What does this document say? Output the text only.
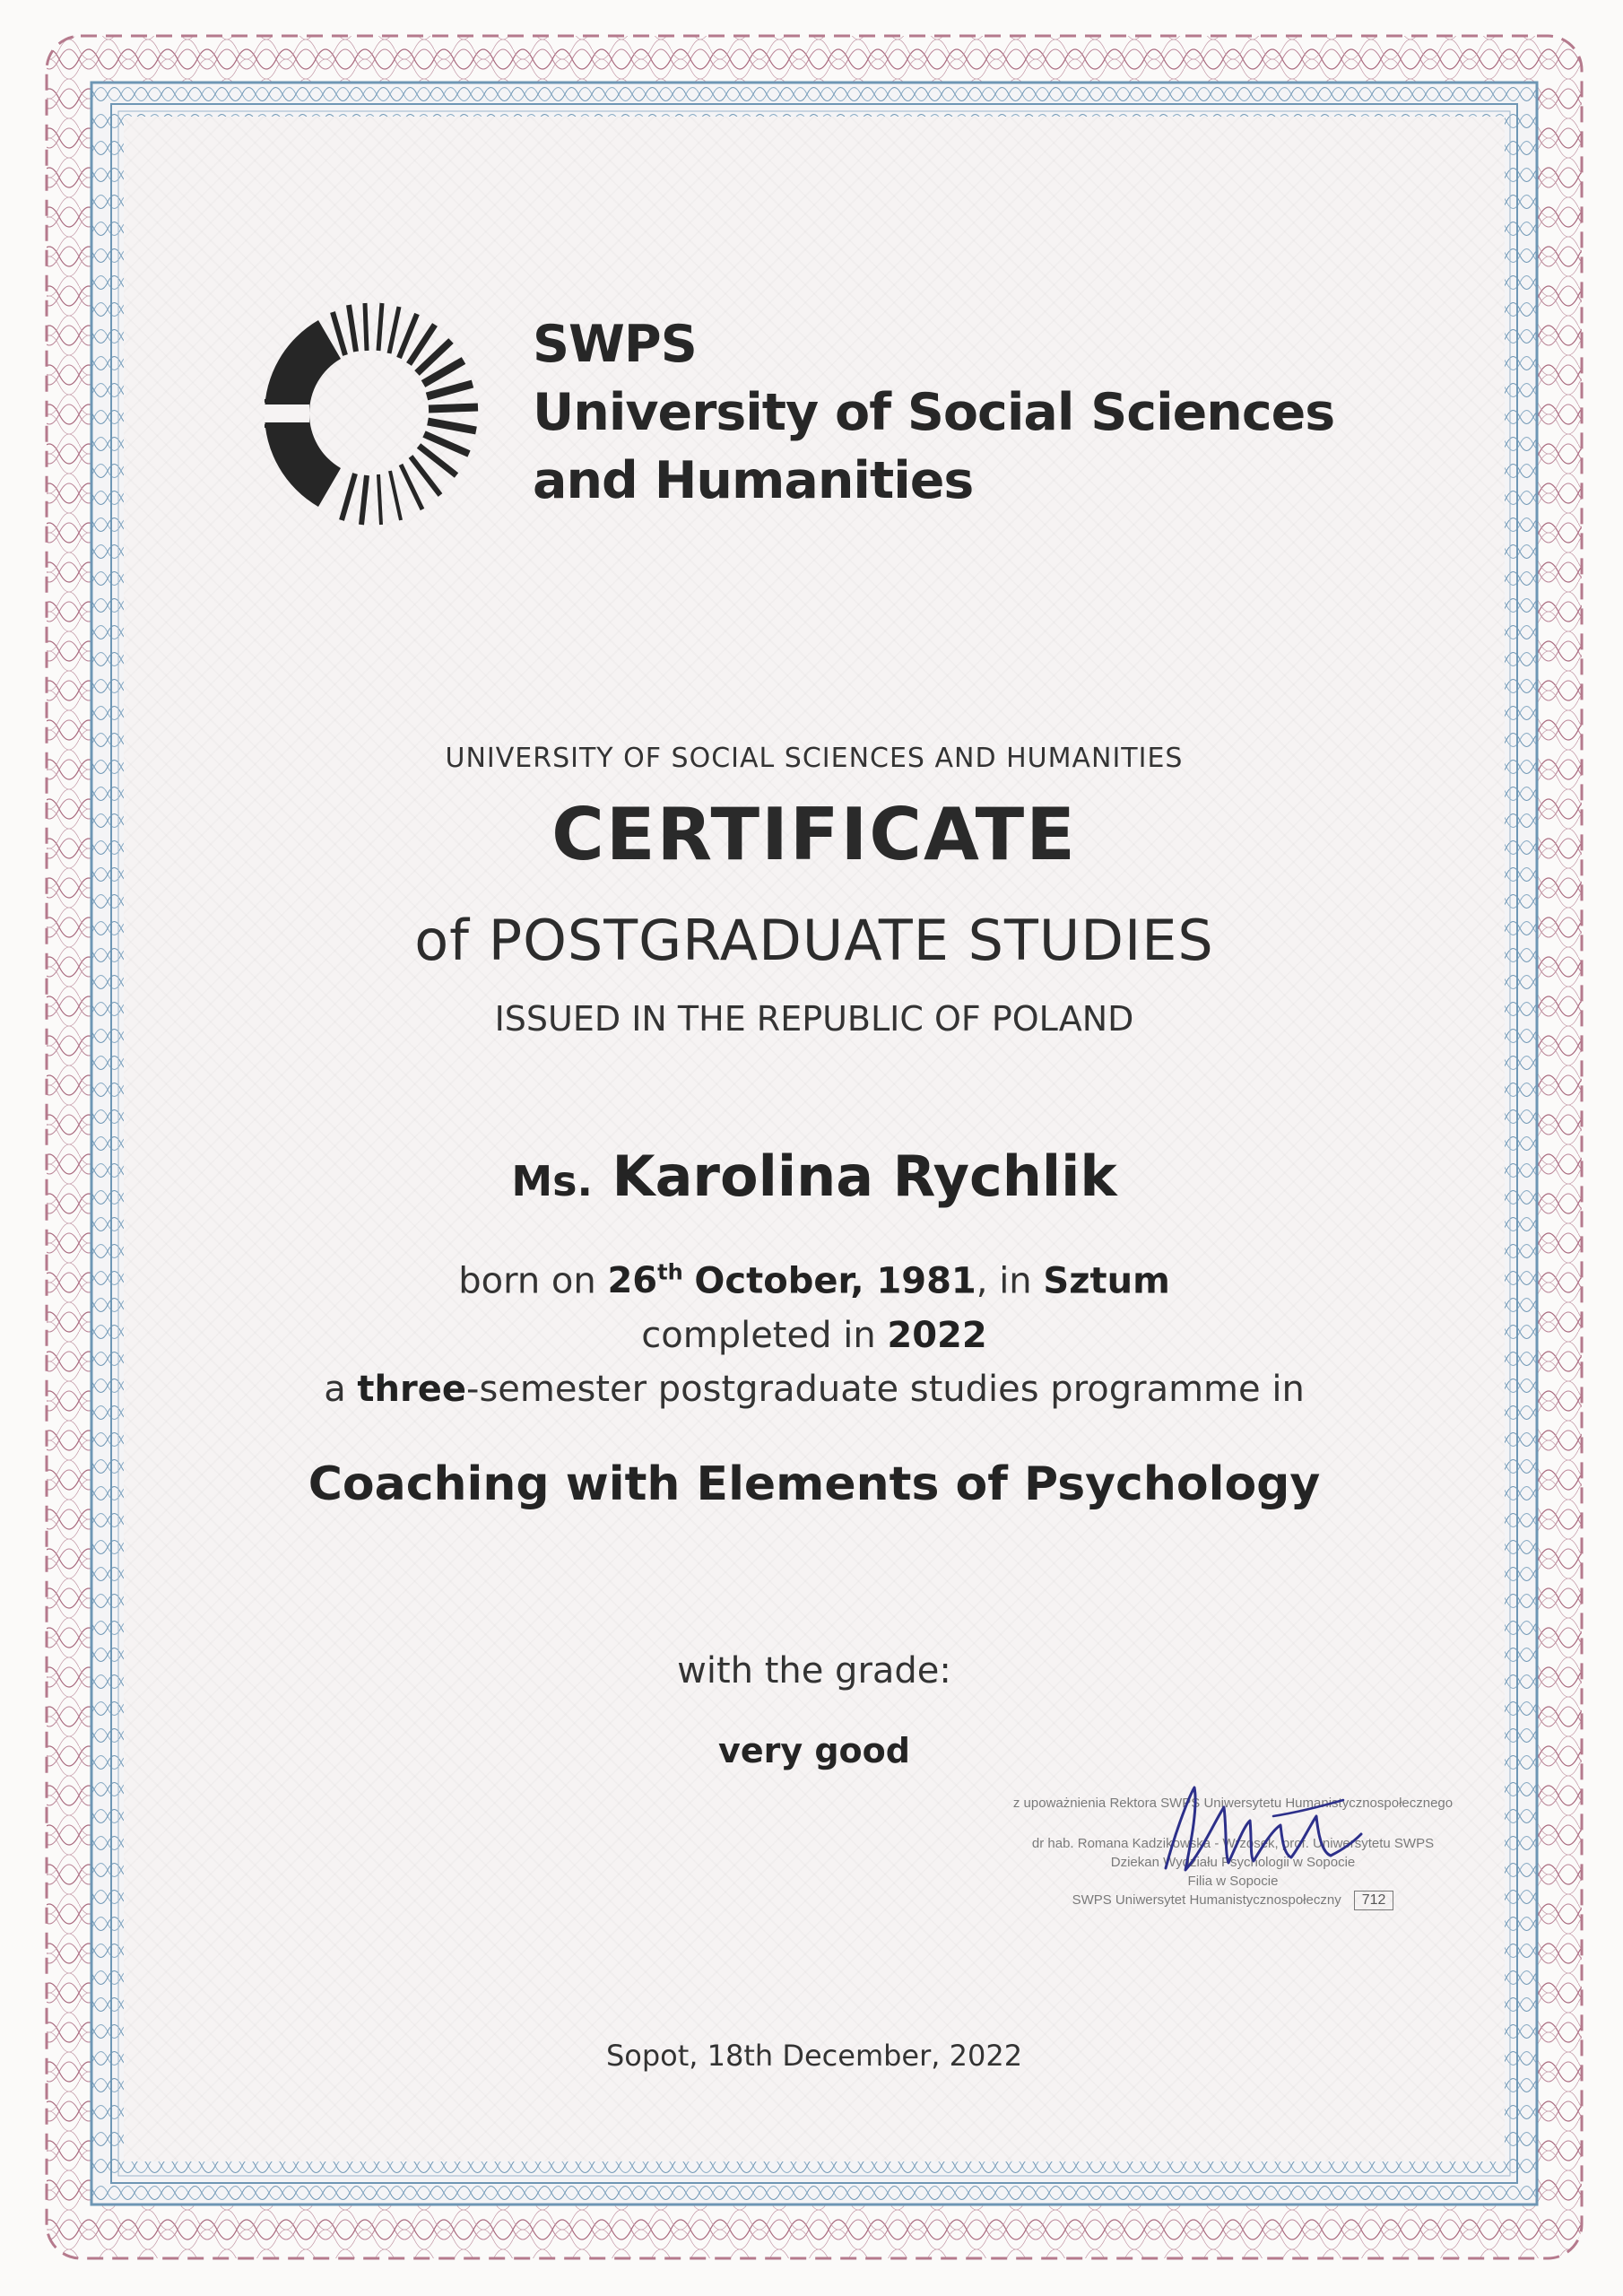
SWPS
University of Social Sciences
and Humanities
UNIVERSITY OF SOCIAL SCIENCES AND HUMANITIES
CERTIFICATE
of POSTGRADUATE STUDIES
ISSUED IN THE REPUBLIC OF POLAND
Ms. Karolina Rychlik
born on 26th October, 1981, in Sztum
completed in 2022
a three-semester postgraduate studies programme in
Coaching with Elements of Psychology
with the grade:
very good
z upoważnienia Rektora SWPS Uniwersytetu Humanistycznospołecznego
dr hab. Romana Kadzikowska - Wrzosek, prof. Uniwersytetu SWPS
Dziekan Wydziału Psychologii w Sopocie
Filia w Sopocie
SWPS Uniwersytet Humanistycznospołeczny 712
Sopot, 18th December, 2022
